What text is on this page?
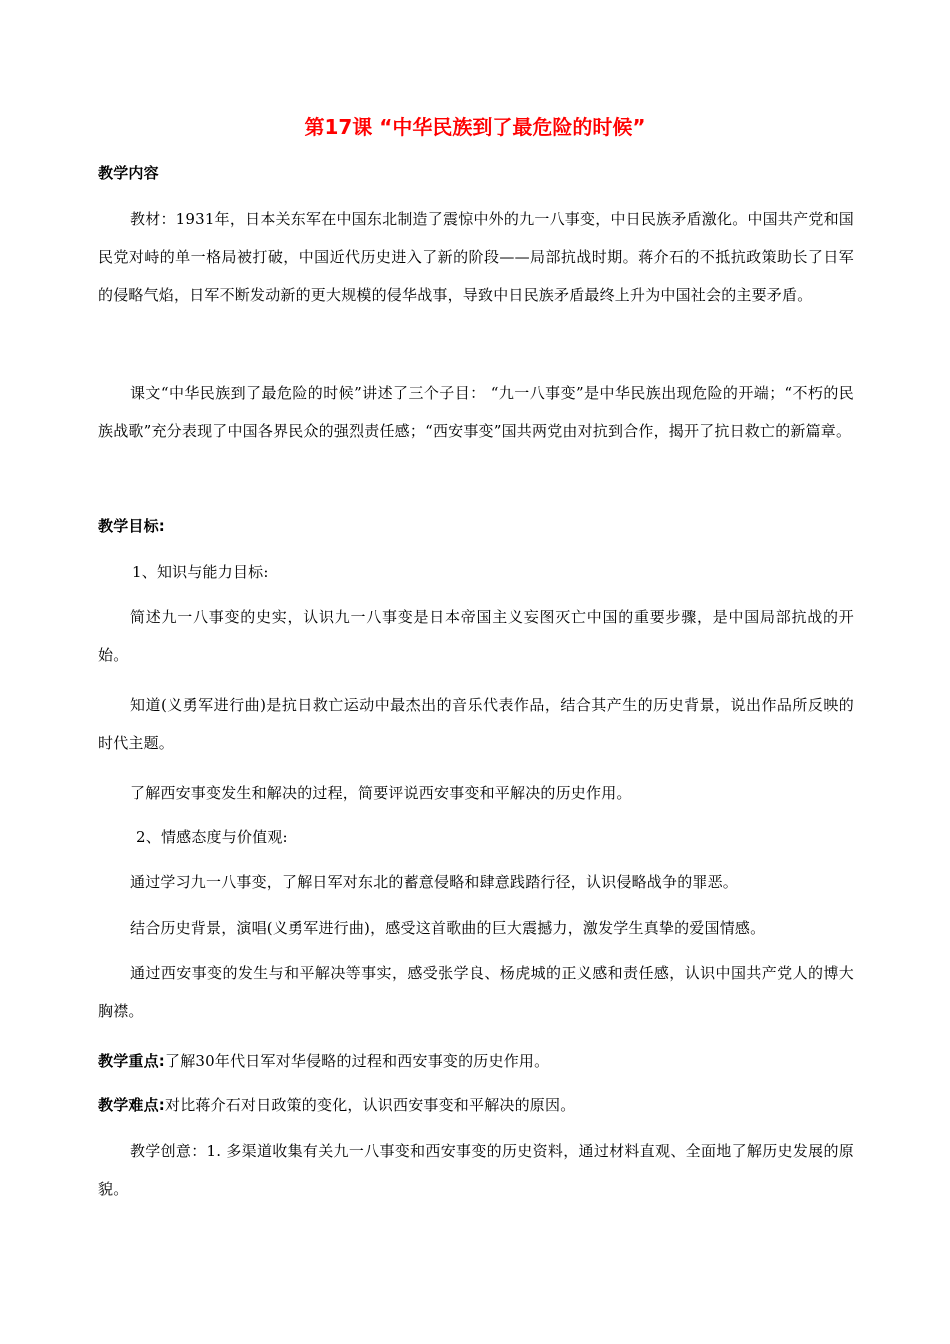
第17课 “中华民族到了最危险的时候”
教学内容
教材：1931年，日本关东军在中国东北制造了震惊中外的九一八事变，中日民族矛盾激化。中国共产党和国民党对峙的单一格局被打破，中国近代历史进入了新的阶段——局部抗战时期。蒋介石的不抵抗政策助长了日军的侵略气焰，日军不断发动新的更大规模的侵华战事，导致中日民族矛盾最终上升为中国社会的主要矛盾。
课文“中华民族到了最危险的时候”讲述了三个子目： “九一八事变”是中华民族出现危险的开端；“不朽的民族战歌”充分表现了中国各界民众的强烈责任感；“西安事变”国共两党由对抗到合作，揭开了抗日救亡的新篇章。
教学目标:
1、知识与能力目标:
简述九一八事变的史实，认识九一八事变是日本帝国主义妄图灭亡中国的重要步骤，是中国局部抗战的开始。
知道(义勇军进行曲)是抗日救亡运动中最杰出的音乐代表作品，结合其产生的历史背景，说出作品所反映的时代主题。
了解西安事变发生和解决的过程，简要评说西安事变和平解决的历史作用。
2、情感态度与价值观:
通过学习九一八事变，了解日军对东北的蓄意侵略和肆意践踏行径，认识侵略战争的罪恶。
结合历史背景，演唱(义勇军进行曲)，感受这首歌曲的巨大震撼力，激发学生真挚的爱国情感。
通过西安事变的发生与和平解决等事实，感受张学良、杨虎城的正义感和责任感，认识中国共产党人的博大胸襟。
教学重点:了解30年代日军对华侵略的过程和西安事变的历史作用。
教学难点:对比蒋介石对日政策的变化，认识西安事变和平解决的原因。
教学创意：1. 多渠道收集有关九一八事变和西安事变的历史资料，通过材料直观、全面地了解历史发展的原貌。
